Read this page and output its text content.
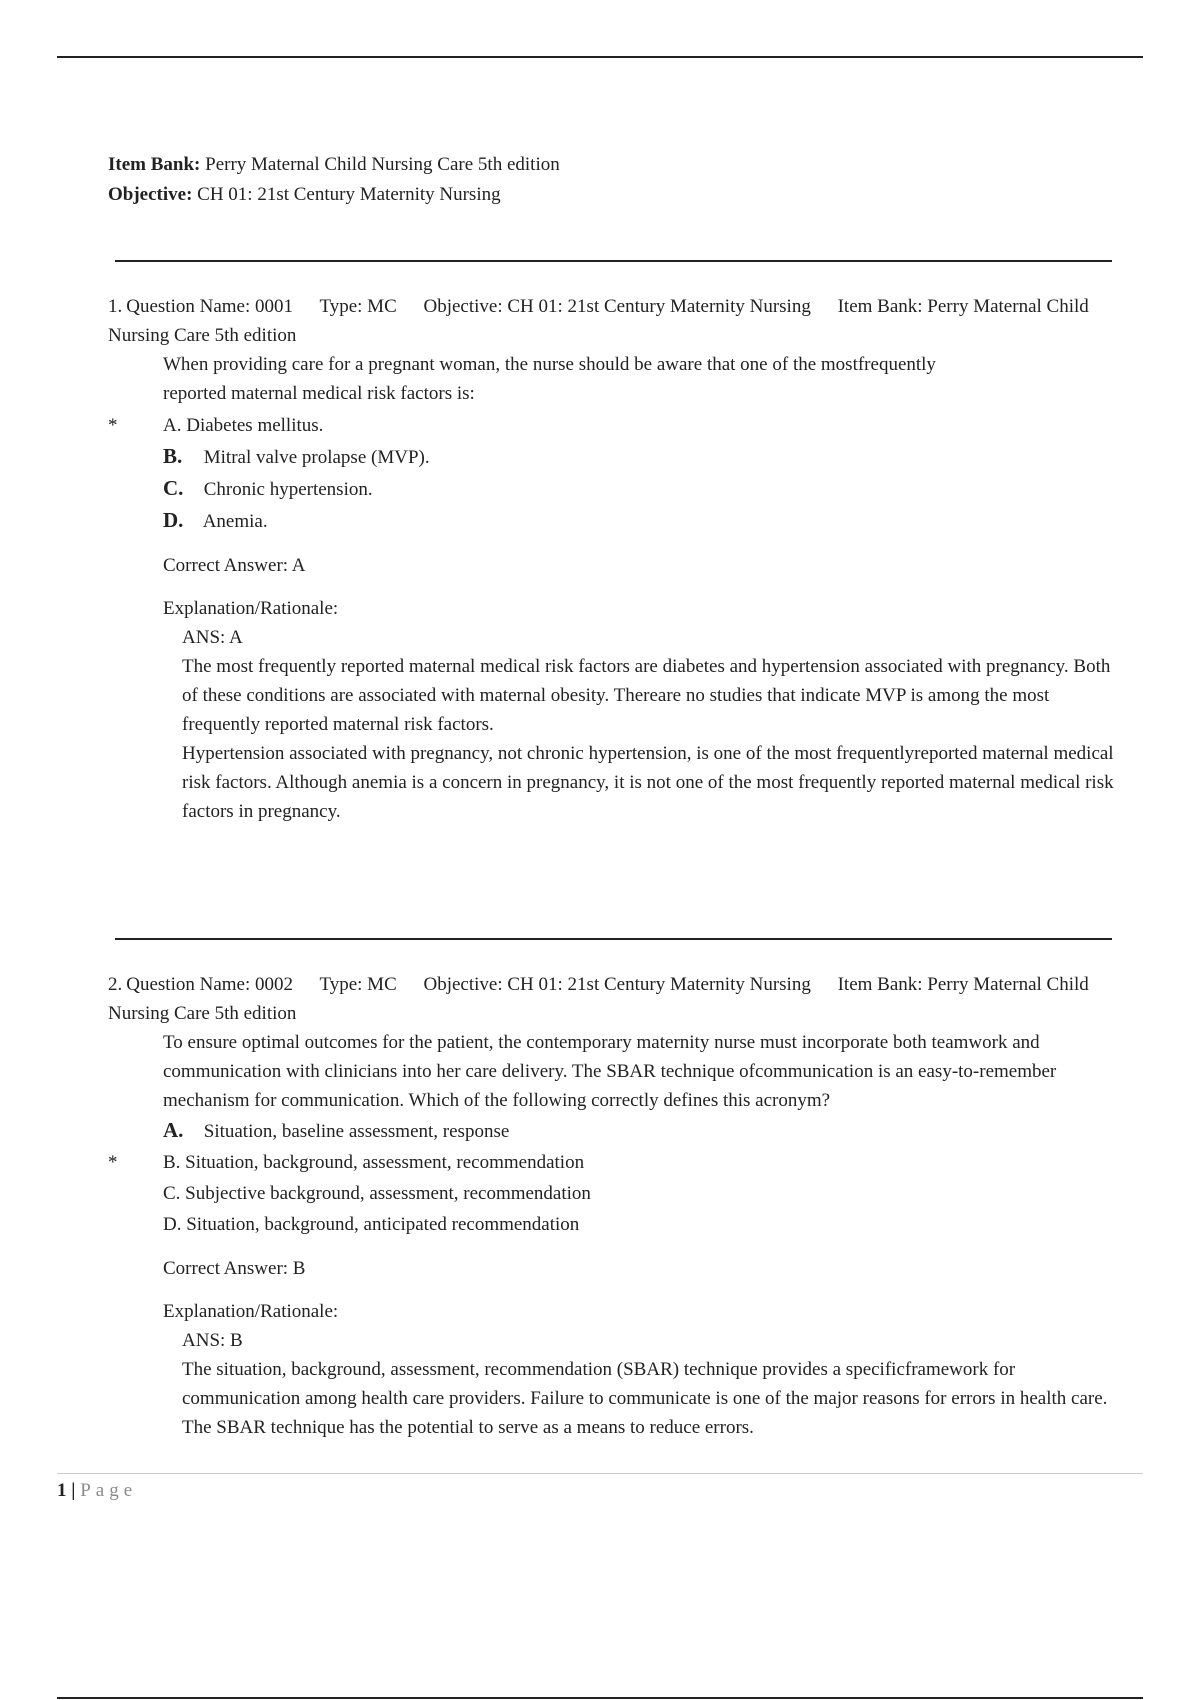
Item Bank: Perry Maternal Child Nursing Care 5th edition
Objective: CH 01: 21st Century Maternity Nursing
1. Question Name: 0001 Type: MC Objective: CH 01: 21st Century Maternity Nursing Item Bank: Perry Maternal Child Nursing Care 5th edition
When providing care for a pregnant woman, the nurse should be aware that one of the mostfrequently
reported maternal medical risk factors is:
* A. Diabetes mellitus.
B. Mitral valve prolapse (MVP).
C. Chronic hypertension.
D. Anemia.
Correct Answer: A
Explanation/Rationale:
ANS: A
The most frequently reported maternal medical risk factors are diabetes and hypertension associated with pregnancy. Both of these conditions are associated with maternal obesity. Thereare no studies that indicate MVP is among the most frequently reported maternal risk factors.
Hypertension associated with pregnancy, not chronic hypertension, is one of the most frequentlyreported maternal medical risk factors. Although anemia is a concern in pregnancy, it is not one of the most frequently reported maternal medical risk factors in pregnancy.
2. Question Name: 0002 Type: MC Objective: CH 01: 21st Century Maternity Nursing Item Bank: Perry Maternal Child Nursing Care 5th edition
To ensure optimal outcomes for the patient, the contemporary maternity nurse must incorporate both teamwork and communication with clinicians into her care delivery. The SBAR technique ofcommunication is an easy-to-remember mechanism for communication. Which of the following correctly defines this acronym?
A. Situation, baseline assessment, response
* B. Situation, background, assessment, recommendation
C. Subjective background, assessment, recommendation
D. Situation, background, anticipated recommendation
Correct Answer: B
Explanation/Rationale:
ANS: B
The situation, background, assessment, recommendation (SBAR) technique provides a specificframework for communication among health care providers. Failure to communicate is one of the major reasons for errors in health care. The SBAR technique has the potential to serve as a means to reduce errors.
1 | Page
